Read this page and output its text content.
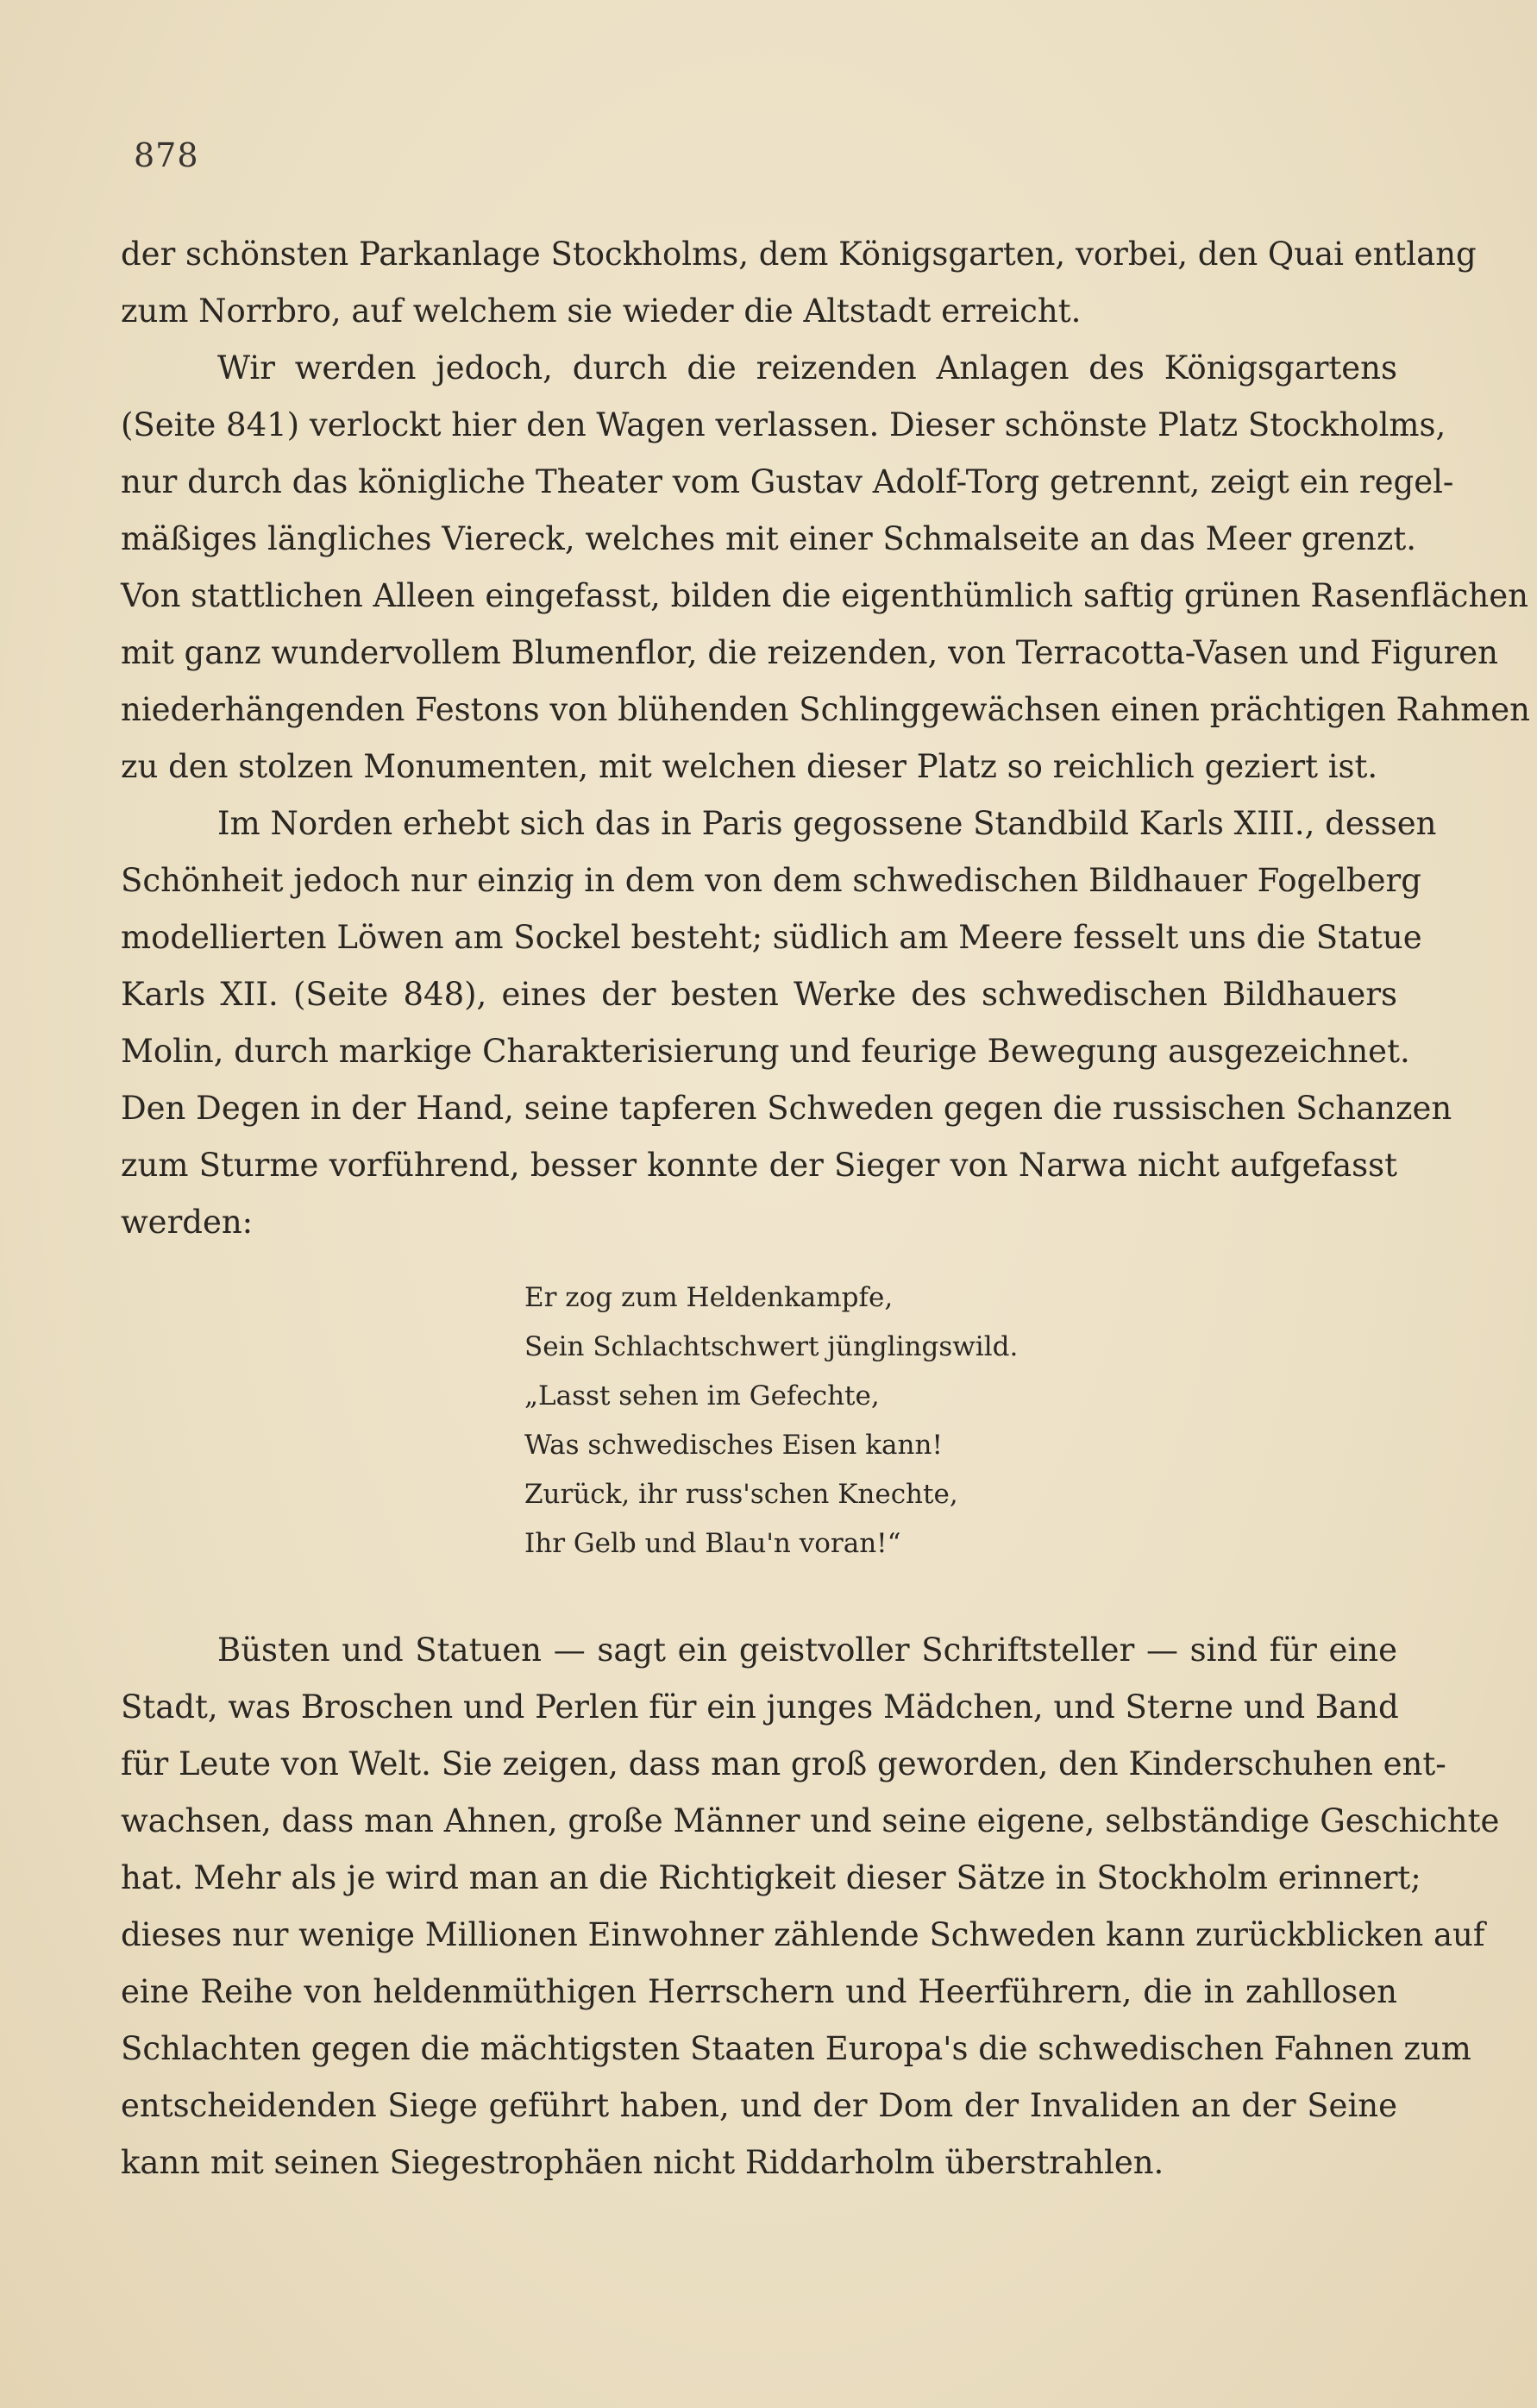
878
der schönsten Parkanlage Stockholms, dem Königsgarten, vorbei, den Quai entlang
zum Norrbro, auf welchem sie wieder die Altstadt erreicht.
Wir werden jedoch, durch die reizenden Anlagen des Königsgartens
(Seite 841) verlockt hier den Wagen verlassen. Dieser schönste Platz Stockholms,
nur durch das königliche Theater vom Gustav Adolf-Torg getrennt, zeigt ein regel-
mäßiges längliches Viereck, welches mit einer Schmalseite an das Meer grenzt.
Von stattlichen Alleen eingefasst, bilden die eigenthümlich saftig grünen Rasenflächen
mit ganz wundervollem Blumenflor, die reizenden, von Terracotta-Vasen und Figuren
niederhängenden Festons von blühenden Schlinggewächsen einen prächtigen Rahmen
zu den stolzen Monumenten, mit welchen dieser Platz so reichlich geziert ist.
Im Norden erhebt sich das in Paris gegossene Standbild Karls XIII., dessen
Schönheit jedoch nur einzig in dem von dem schwedischen Bildhauer Fogelberg
modellierten Löwen am Sockel besteht; südlich am Meere fesselt uns die Statue
Karls XII. (Seite 848), eines der besten Werke des schwedischen Bildhauers
Molin, durch markige Charakterisierung und feurige Bewegung ausgezeichnet.
Den Degen in der Hand, seine tapferen Schweden gegen die russischen Schanzen
zum Sturme vorführend, besser konnte der Sieger von Narwa nicht aufgefasst
werden:
Er zog zum Heldenkampfe,
Sein Schlachtschwert jünglingswild.
„Lasst sehen im Gefechte,
Was schwedisches Eisen kann!
Zurück, ihr russ'schen Knechte,
Ihr Gelb und Blau'n voran!“
Büsten und Statuen — sagt ein geistvoller Schriftsteller — sind für eine
Stadt, was Broschen und Perlen für ein junges Mädchen, und Sterne und Band
für Leute von Welt. Sie zeigen, dass man groß geworden, den Kinderschuhen ent-
wachsen, dass man Ahnen, große Männer und seine eigene, selbständige Geschichte
hat. Mehr als je wird man an die Richtigkeit dieser Sätze in Stockholm erinnert;
dieses nur wenige Millionen Einwohner zählende Schweden kann zurückblicken auf
eine Reihe von heldenmüthigen Herrschern und Heerführern, die in zahllosen
Schlachten gegen die mächtigsten Staaten Europa's die schwedischen Fahnen zum
entscheidenden Siege geführt haben, und der Dom der Invaliden an der Seine
kann mit seinen Siegestrophäen nicht Riddarholm überstrahlen.
